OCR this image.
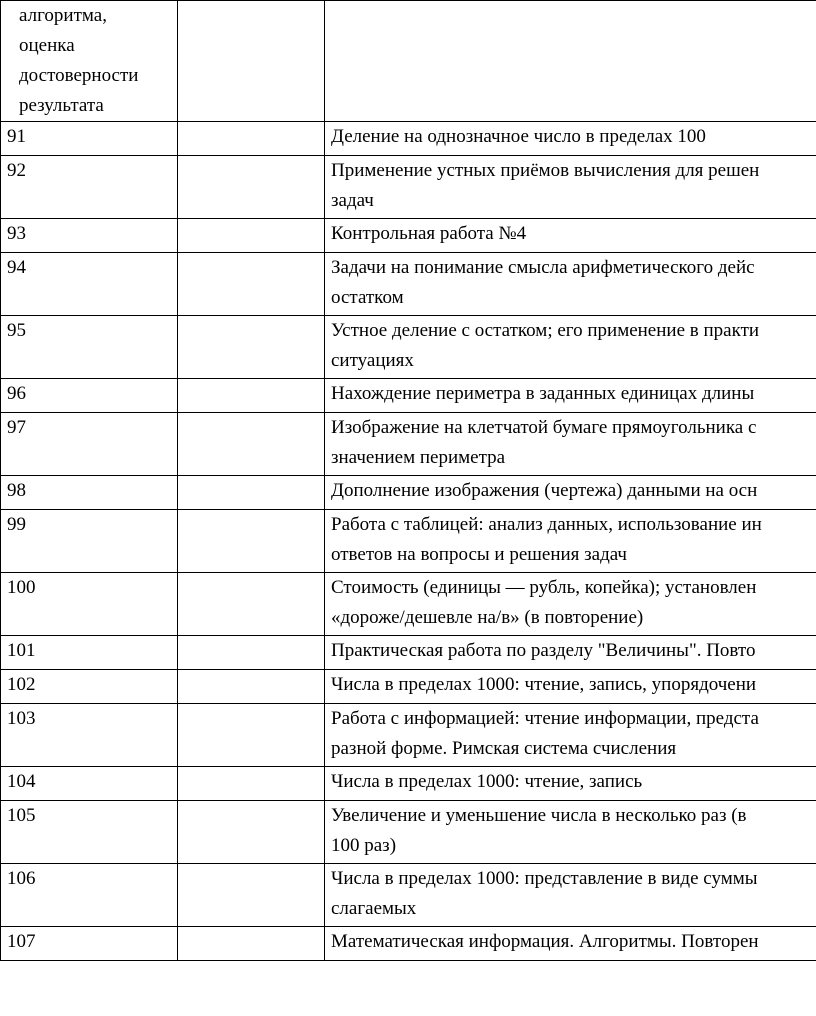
алгоритма,
оценка
достоверности
результата		

91		Деление на однозначное число в пределах 100

92		Применение устных приёмов вычисления для решен
задач

93		Контрольная работа №4

94		Задачи на понимание смысла арифметического дейс
остатком

95		Устное деление с остатком; его применение в практи
ситуациях

96		Нахождение периметра в заданных единицах длины

97		Изображение на клетчатой бумаге прямоугольника с
значением периметра

98		Дополнение изображения (чертежа) данными на осн

99		Работа с таблицей: анализ данных, использование ин
ответов на вопросы и решения задач

100		Стоимость (единицы — рубль, копейка); установлен
«дороже/дешевле на/в» (в повторение)

101		Практическая работа по разделу "Величины". Повто

102		Числа в пределах 1000: чтение, запись, упорядочени

103		Работа с информацией: чтение информации, предста
разной форме. Римская система счисления

104		Числа в пределах 1000: чтение, запись

105		Увеличение и уменьшение числа в несколько раз (в
100 раз)

106		Числа в пределах 1000: представление в виде суммы
слагаемых

107		Математическая информация. Алгоритмы. Повторен
